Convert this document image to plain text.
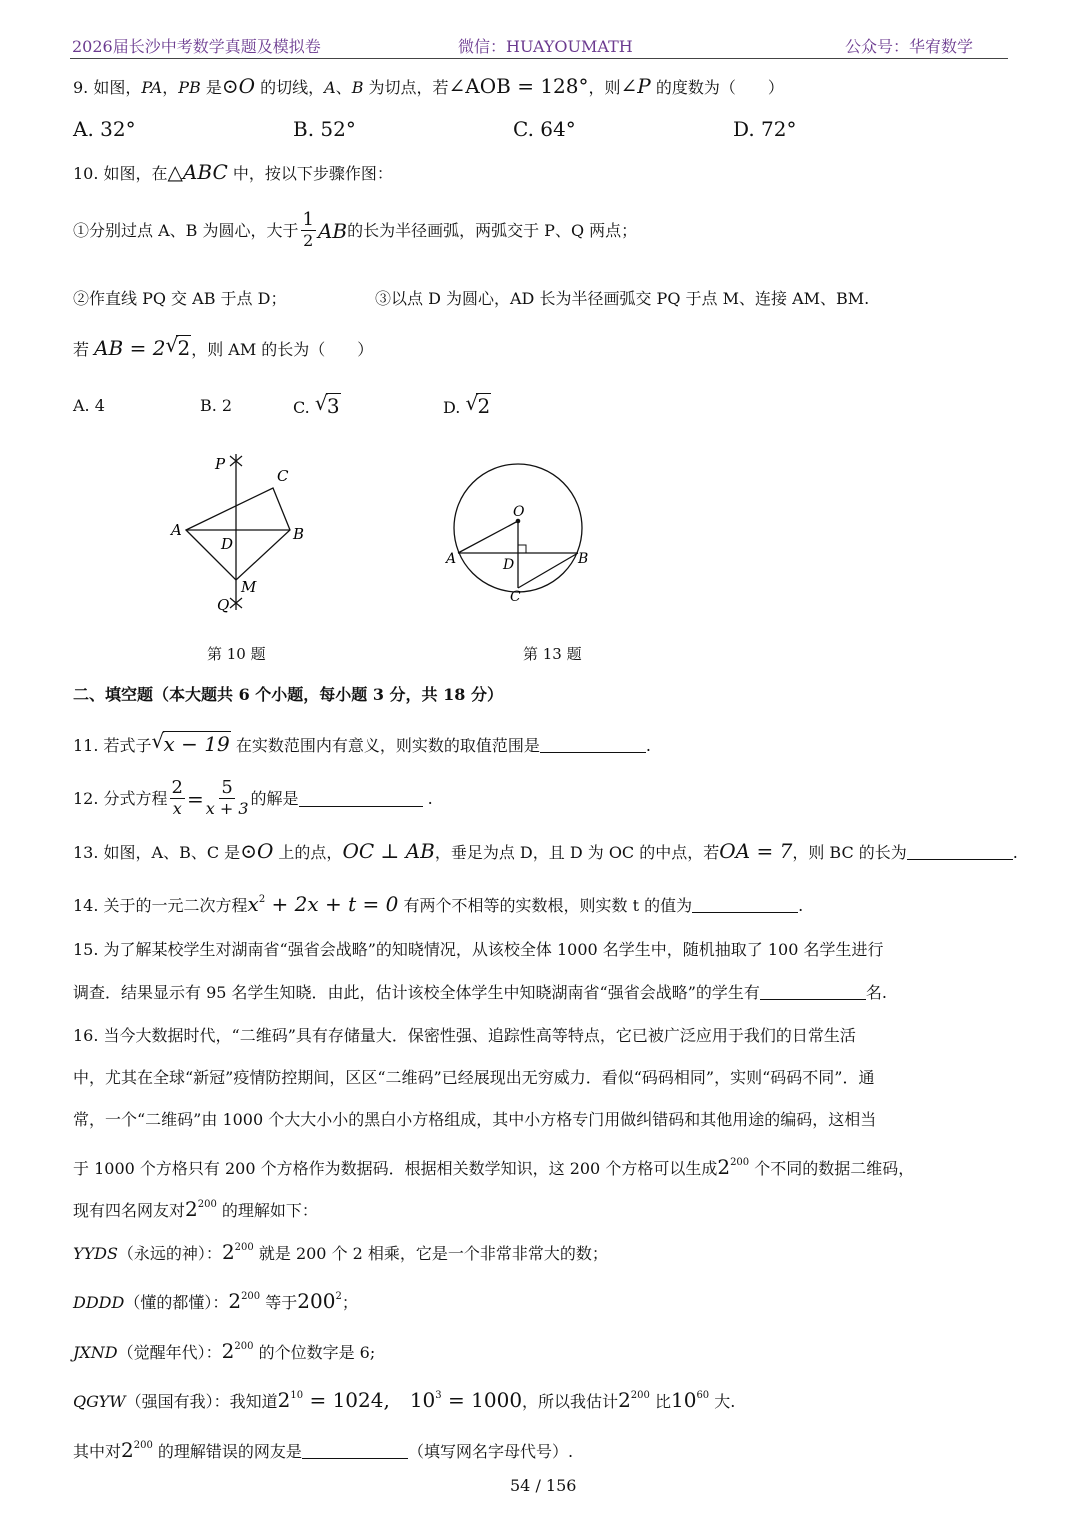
2026届长沙中考数学真题及模拟卷	微信：HUAYOUMATH	公众号：华宥数学
9. 如图，PA，PB 是⊙O 的切线，A、B 为切点，若∠AOB = 128°，则∠P 的度数为（　　）
A. 32°	B. 52°	C. 64°	D. 72°
10. 如图，在△ABC 中，按以下步骤作图：
①分别过点 A、B 为圆心，大于 $\frac{1}{2}$ AB 的长为半径画弧，两弧交于 P、Q 两点；
②作直线 PQ 交 AB 于点 D；	③以点 D 为圆心，AD 长为半径画弧交 PQ 于点 M、连接 AM、BM.
若 AB = 2 √ 2，则 AM 的长为（　　）
A. 4	B. 2	C. √ 3	D. √ 2
P
C
A	B
D
M
Q
O
A	B
D
C
第 10 题	第 13 题
二、填空题（本大题共 6 个小题，每小题 3 分，共 18 分）
11. 若式子 √ x − 19 在实数范围内有意义，则实数的取值范围是	.
12. 分式方程 $\frac{2}{x} = \frac{5}{x + 3}$ 的解是
	.
13. 如图，A、B、C 是⊙O 上的点，OC ⊥ AB，垂足为点 D，且 D 为 OC 的中点，若OA = 7，则 BC 的长为	.
14. 关于的一元二次方程$x^2 + 2x + t = 0$ 有两个不相等的实数根，则实数 t 的值为	.
15. 为了解某校学生对湖南省“强省会战略”的知晓情况，从该校全体 1000 名学生中，随机抽取了 100 名学生进行
调查．结果显示有 95 名学生知晓．由此，估计该校全体学生中知晓湖南省“强省会战略”的学生有	名.
16. 当今大数据时代，“二维码”具有存储量大．保密性强、追踪性高等特点，它已被广泛应用于我们的日常生活
中，尤其在全球“新冠”疫情防控期间，区区“二维码”已经展现出无穷威力．看似“码码相同”，实则“码码不同”．通
常，一个“二维码”由 1000 个大大小小的黑白小方格组成，其中小方格专门用做纠错码和其他用途的编码，这相当
于 1000 个方格只有 200 个方格作为数据码．根据相关数学知识，这 200 个方格可以生成$2^{200}$ 个不同的数据二维码，
现有四名网友对$2^{200}$ 的理解如下：
YYDS（永远的神）：$2^{200}$ 就是 200 个 2 相乘，它是一个非常非常大的数；
DDDD（懂的都懂）：$2^{200}$ 等于$200^2$；
JXND（觉醒年代）：$2^{200}$ 的个位数字是 6;
QGYW（强国有我）：我知道$2^{10} = 1024$,　$10^3 = 1000$，所以我估计$2^{200}$ 比$10^{60}$ 大.
其中对$2^{200}$ 的理解错误的网友是	（填写网名字母代号）.
54 / 156
